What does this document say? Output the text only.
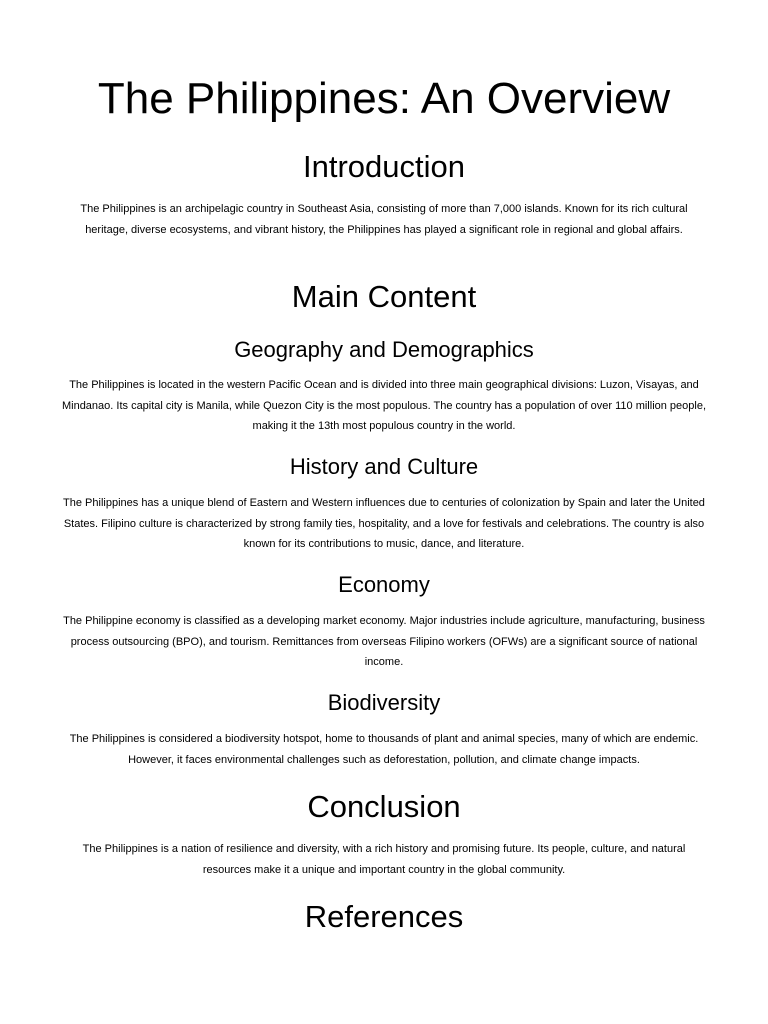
The Philippines: An Overview
Introduction

The Philippines is an archipelagic country in Southeast Asia, consisting of more than 7,000 islands. Known for its rich cultural heritage, diverse ecosystems, and vibrant history, the Philippines has played a significant role in regional and global affairs.

Main Content
Geography and Demographics

The Philippines is located in the western Pacific Ocean and is divided into three main geographical divisions: Luzon, Visayas, and Mindanao. Its capital city is Manila, while Quezon City is the most populous. The country has a population of over 110 million people, making it the 13th most populous country in the world.

History and Culture

The Philippines has a unique blend of Eastern and Western influences due to centuries of colonization by Spain and later the United States. Filipino culture is characterized by strong family ties, hospitality, and a love for festivals and celebrations. The country is also known for its contributions to music, dance, and literature.

Economy

The Philippine economy is classified as a developing market economy. Major industries include agriculture, manufacturing, business process outsourcing (BPO), and tourism. Remittances from overseas Filipino workers (OFWs) are a significant source of national income.

Biodiversity

The Philippines is considered a biodiversity hotspot, home to thousands of plant and animal species, many of which are endemic. However, it faces environmental challenges such as deforestation, pollution, and climate change impacts.

Conclusion

The Philippines is a nation of resilience and diversity, with a rich history and promising future. Its people, culture, and natural resources make it a unique and important country in the global community.

References
